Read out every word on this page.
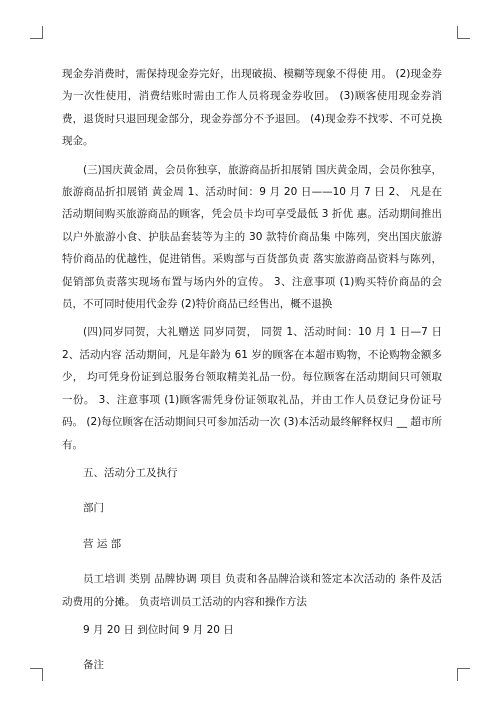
现金券消费时，需保持现金券完好，出现破损、模糊等现象不得使 用。 (2)现金券为一次性使用，消费结账时需由工作人员将现金券收回。 (3)顾客使用现金券消费，退货时只退回现金部分，现金券部分不予退回。 (4)现金券不找零、不可兑换现金。

(三)国庆黄金周，会员你独享，旅游商品折扣展销 国庆黄金周，会员你独享，旅游商品折扣展销 黄金周 1、活动时间：9 月 20 日——10 月 7 日 2、 凡是在活动期间购买旅游商品的顾客，凭会员卡均可享受最低 3 折优 惠。活动期间推出以户外旅游小食、护肤品套装等为主的 30 款特价商品集 中陈列，突出国庆旅游特价商品的优越性，促进销售。采购部与百货部负责 落实旅游商品资料与陈列，促销部负责落实现场布置与场内外的宣传。 3、注意事项 (1)购买特价商品的会员，不可同时使用代金券 (2)特价商品已经售出，概不退换

(四)同岁同贺，大礼赠送 同岁同贺， 同贺 1、活动时间：10 月 1 日—7 日 2、活动内容 活动期间，凡是年龄为 61 岁的顾客在本超市购物，不论购物金额多少， 均可凭身份证到总服务台领取精美礼品一份。每位顾客在活动期间只可领取 一份。 3、注意事项 (1)顾客需凭身份证领取礼品，并由工作人员登记身份证号码。 (2)每位顾客在活动期间只可参加活动一次 (3)本活动最终解释权归 __ 超市所有。

五、活动分工及执行

部门

营 运 部

员工培训 类别 品牌协调 项目 负责和各品牌洽谈和签定本次活动的 条件及活动费用的分摊。 负责培训员工活动的内容和操作方法

9 月 20 日 到位时间 9 月 20 日

备注
